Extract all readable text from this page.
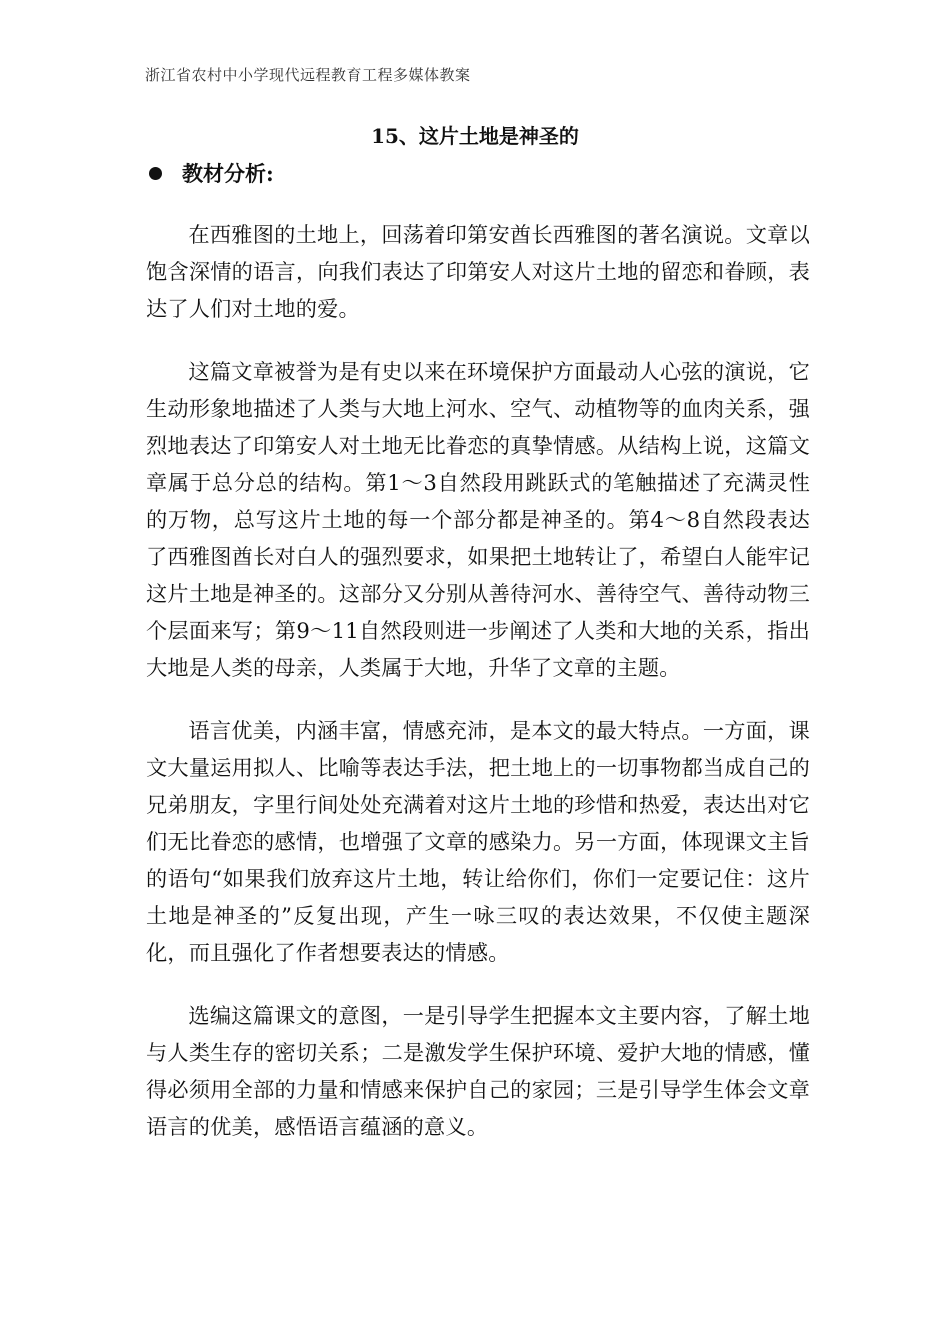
浙江省农村中小学现代远程教育工程多媒体教案
15、这片土地是神圣的
教材分析:

在西雅图的土地上，回荡着印第安酋长西雅图的著名演说。文章以饱含深情的语言，向我们表达了印第安人对这片土地的留恋和眷顾，表达了人们对土地的爱。

这篇文章被誉为是有史以来在环境保护方面最动人心弦的演说，它生动形象地描述了人类与大地上河水、空气、动植物等的血肉关系，强烈地表达了印第安人对土地无比眷恋的真挚情感。从结构上说，这篇文章属于总分总的结构。第1～3自然段用跳跃式的笔触描述了充满灵性的万物，总写这片土地的每一个部分都是神圣的。第4～8自然段表达了西雅图酋长对白人的强烈要求，如果把土地转让了，希望白人能牢记这片土地是神圣的。这部分又分别从善待河水、善待空气、善待动物三个层面来写；第9～11自然段则进一步阐述了人类和大地的关系，指出大地是人类的母亲，人类属于大地，升华了文章的主题。

语言优美，内涵丰富，情感充沛，是本文的最大特点。一方面，课文大量运用拟人、比喻等表达手法，把土地上的一切事物都当成自己的兄弟朋友，字里行间处处充满着对这片土地的珍惜和热爱，表达出对它们无比眷恋的感情，也增强了文章的感染力。另一方面，体现课文主旨的语句“如果我们放弃这片土地，转让给你们，你们一定要记住：这片土地是神圣的”反复出现，产生一咏三叹的表达效果，不仅使主题深化，而且强化了作者想要表达的情感。

选编这篇课文的意图，一是引导学生把握本文主要内容，了解土地与人类生存的密切关系；二是激发学生保护环境、爱护大地的情感，懂得必须用全部的力量和情感来保护自己的家园；三是引导学生体会文章语言的优美，感悟语言蕴涵的意义。
